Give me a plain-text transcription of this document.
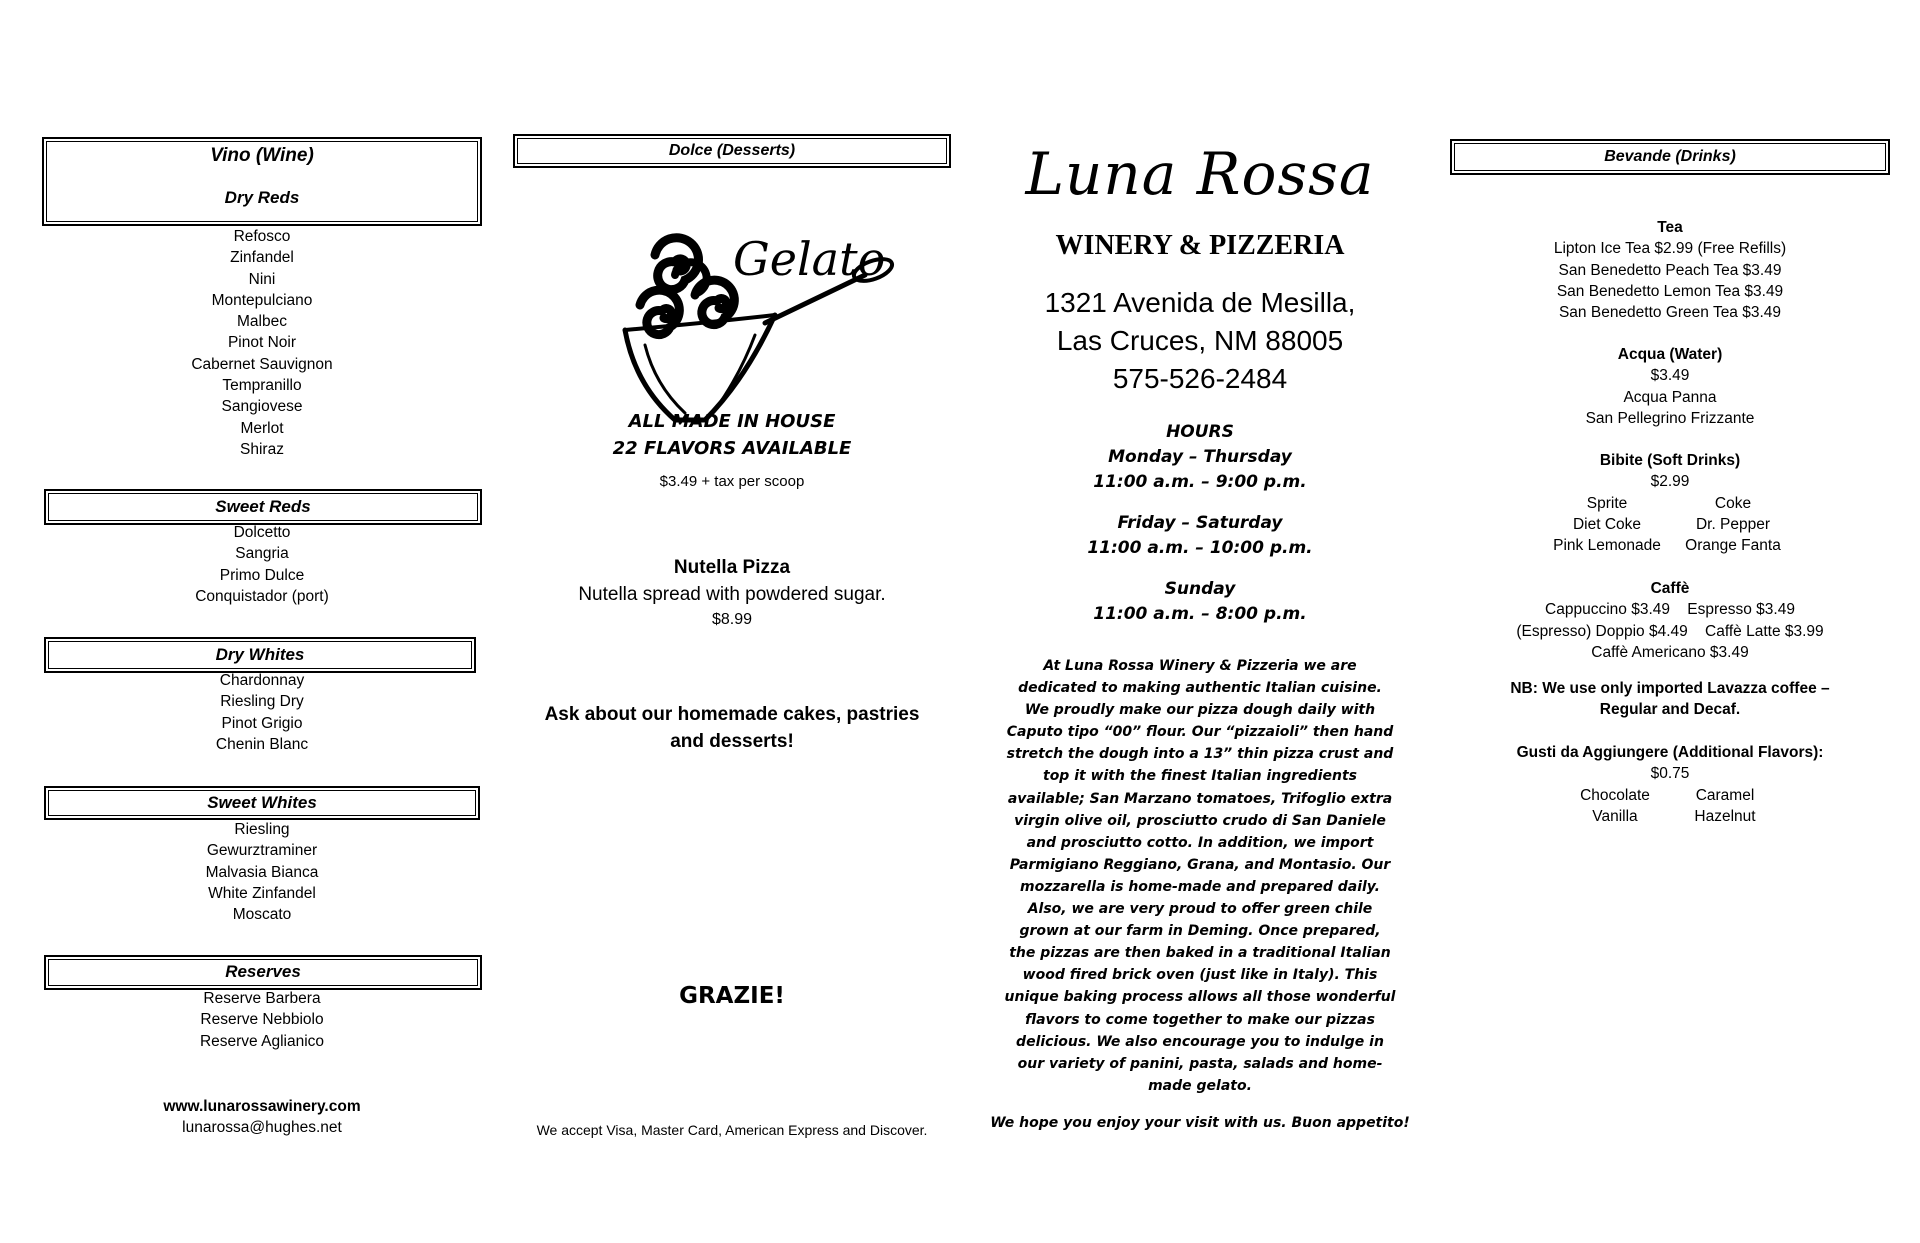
Vino (Wine)
Dry Reds
Refosco
Zinfandel
Nini
Montepulciano
Malbec
Pinot Noir
Cabernet Sauvignon
Tempranillo
Sangiovese
Merlot
Shiraz
Sweet Reds
Dolcetto
Sangria
Primo Dulce
Conquistador (port)
Dry Whites
Chardonnay
Riesling Dry
Pinot Grigio
Chenin Blanc
Sweet Whites
Riesling
Gewurztraminer
Malvasia Bianca
White Zinfandel
Moscato
Reserves
Reserve Barbera
Reserve Nebbiolo
Reserve Aglianico
www.lunarossawinery.com
lunarossa@hughes.net
Dolce (Desserts)
Gelato
ALL MADE IN HOUSE
22 FLAVORS AVAILABLE
$3.49 + tax per scoop
Nutella Pizza
Nutella spread with powdered sugar.
$8.99
Ask about our homemade cakes, pastries
and desserts!
GRAZIE!
We accept Visa, Master Card, American Express and Discover.
Luna Rossa
WINERY & PIZZERIA
1321 Avenida de Mesilla,
Las Cruces, NM 88005
575-526-2484
HOURS
Monday – Thursday
11:00 a.m. – 9:00 p.m.
Friday – Saturday
11:00 a.m. – 10:00 p.m.
Sunday
11:00 a.m. – 8:00 p.m.
At Luna Rossa Winery & Pizzeria we are
dedicated to making authentic Italian cuisine.
We proudly make our pizza dough daily with
Caputo tipo “00” flour. Our “pizzaioli” then hand
stretch the dough into a 13” thin pizza crust and
top it with the finest Italian ingredients
available; San Marzano tomatoes, Trifoglio extra
virgin olive oil, prosciutto crudo di San Daniele
and prosciutto cotto. In addition, we import
Parmigiano Reggiano, Grana, and Montasio. Our
mozzarella is home-made and prepared daily.
Also, we are very proud to offer green chile
grown at our farm in Deming. Once prepared,
the pizzas are then baked in a traditional Italian
wood fired brick oven (just like in Italy). This
unique baking process allows all those wonderful
flavors to come together to make our pizzas
delicious. We also encourage you to indulge in
our variety of panini, pasta, salads and home-
made gelato.
We hope you enjoy your visit with us. Buon appetito!
Bevande (Drinks)
Tea
Lipton Ice Tea $2.99 (Free Refills)
San Benedetto Peach Tea $3.49
San Benedetto Lemon Tea $3.49
San Benedetto Green Tea $3.49
Acqua (Water)
$3.49
Acqua Panna
San Pellegrino Frizzante
Bibite (Soft Drinks)
$2.99
Sprite
Diet Coke
Pink Lemonade
Coke
Dr. Pepper
Orange Fanta
Caffè
Cappuccino $3.49 Espresso $3.49
(Espresso) Doppio $4.49 Caffè Latte $3.99
Caffè Americano $3.49
NB: We use only imported Lavazza coffee –
Regular and Decaf.
Gusti da Aggiungere (Additional Flavors):
$0.75
Chocolate
Vanilla
Caramel
Hazelnut
